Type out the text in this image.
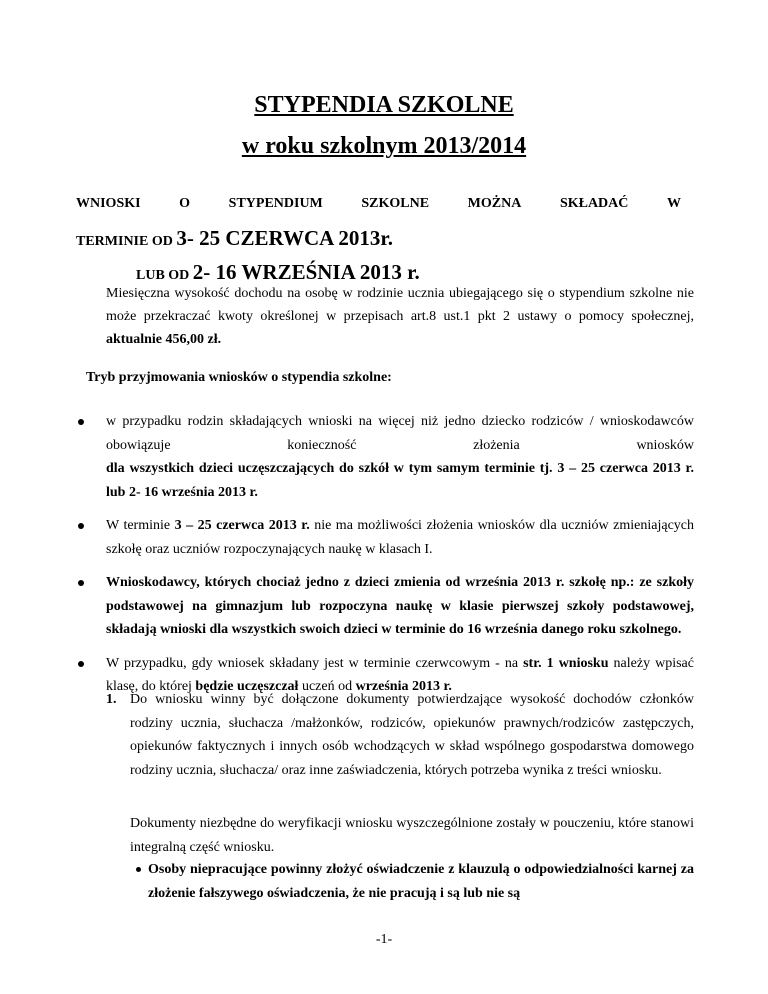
STYPENDIA SZKOLNE
w roku szkolnym 2013/2014
WNIOSKI	O	STYPENDIUM	SZKOLNE	MOŻNA	SKŁADAĆ	W
TERMINIE OD 3- 25 CZERWCA 2013r.
LUB OD 2- 16 WRZEŚNIA 2013 r.
Miesięczna wysokość dochodu na osobę w rodzinie ucznia ubiegającego się o stypendium szkolne nie może przekraczać kwoty określonej w przepisach art.8 ust.1 pkt 2 ustawy o pomocy społecznej, aktualnie 456,00 zł.
Tryb przyjmowania wniosków o stypendia szkolne:
w przypadku rodzin składających wnioski na więcej niż jedno dziecko rodziców / wnioskodawców obowiązuje konieczność złożenia wniosków
dla wszystkich dzieci uczęszczających do szkół w tym samym terminie tj. 3 – 25 czerwca 2013 r. lub 2- 16 września 2013 r.
W terminie 3 – 25 czerwca 2013 r. nie ma możliwości złożenia wniosków dla uczniów zmieniających szkołę oraz uczniów rozpoczynających naukę w klasach I.
Wnioskodawcy, których chociaż jedno z dzieci zmienia od września 2013 r. szkołę np.: ze szkoły podstawowej na gimnazjum lub rozpoczyna naukę w klasie pierwszej szkoły podstawowej, składają wnioski dla wszystkich swoich dzieci w terminie do 16 września danego roku szkolnego.
W przypadku, gdy wniosek składany jest w terminie czerwcowym - na str. 1 wniosku należy wpisać klasę, do której będzie uczęszczał uczeń od września 2013 r.
1. Do wniosku winny być dołączone dokumenty potwierdzające wysokość dochodów członków rodziny ucznia, słuchacza /małżonków, rodziców, opiekunów prawnych/rodziców zastępczych, opiekunów faktycznych i innych osób wchodzących w skład wspólnego gospodarstwa domowego rodziny ucznia, słuchacza/ oraz inne zaświadczenia, których potrzeba wynika z treści wniosku.
Dokumenty niezbędne do weryfikacji wniosku wyszczególnione zostały w pouczeniu, które stanowi integralną część wniosku.
Osoby niepracujące powinny złożyć oświadczenie z klauzulą o odpowiedzialności karnej za złożenie fałszywego oświadczenia, że nie pracują i są lub nie są
-1-
